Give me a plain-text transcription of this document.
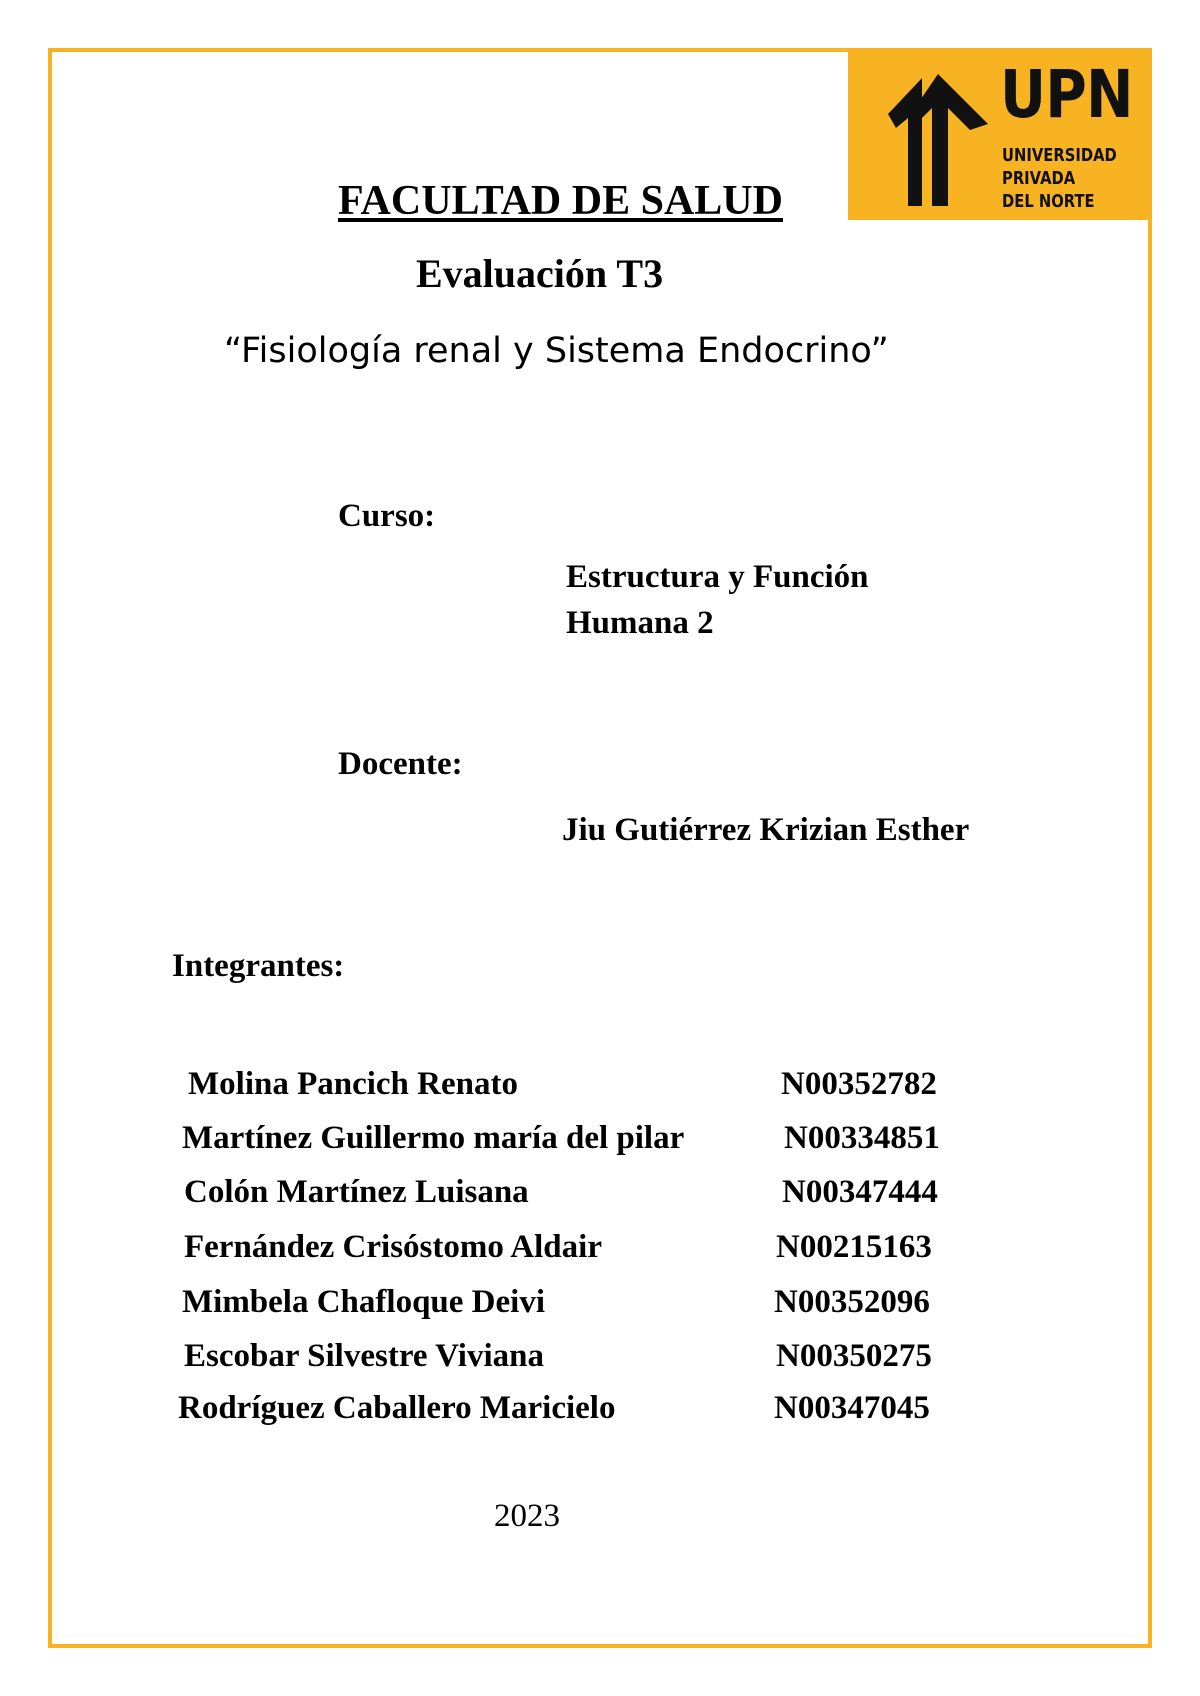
UPN
UNIVERSIDAD
PRIVADA
DEL NORTE
FACULTAD DE SALUD
Evaluación T3
“Fisiología renal y Sistema Endocrino”
Curso:
Estructura y Función
Humana 2
Docente:
Jiu Gutiérrez Krizian Esther
Integrantes:
Molina Pancich Renato	N00352782
Martínez Guillermo maría del pilar	N00334851
Colón Martínez Luisana	N00347444
Fernández Crisóstomo Aldair	N00215163
Mimbela Chafloque Deivi	N00352096
Escobar Silvestre Viviana	N00350275
Rodríguez Caballero Maricielo	N00347045
2023
